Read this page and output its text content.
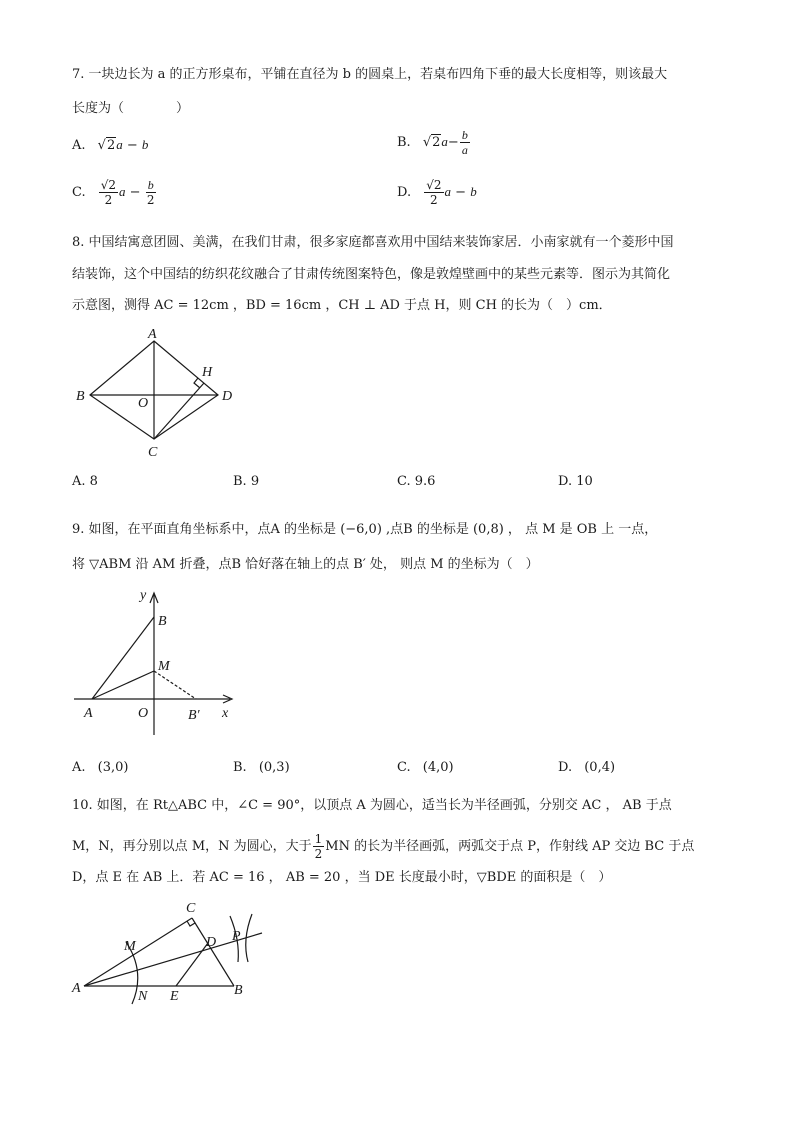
7. 一块边长为 a 的正方形桌布，平铺在直径为 b 的圆桌上，若桌布四角下垂的最大长度相等，则该最大
长度为（　　　　）
A. √2a − b	B. $√2a- \frac{b}{a}$
C. $\frac{√2}{2}$ $a - \frac{b}{2}$	D. $\frac{√2}{2}$ a − b
8. 中国结寓意团圆、美满，在我们甘肃，很多家庭都喜欢用中国结来装饰家居．小南家就有一个菱形中国
结装饰，这个中国结的纺织花纹融合了甘肃传统图案特色，像是敦煌壁画中的某些元素等．图示为其简化
示意图，测得 AC = 12cm ，BD = 16cm ，CH ⊥ AD 于点 H，则 CH 的长为（　）cm．
A
B
C
D
O
H
A. 8	B. 9	C. 9.6	D. 10
9. 如图，在平面直角坐标系中，点A 的坐标是 (−6,0) ,点B 的坐标是 (0,8) ， 点 M 是 OB 上 一点，
将 ▽ABM 沿 AM 折叠，点B 恰好落在轴上的点 B′ 处， 则点 M 的坐标为（　）
y
x
B
M
A	O	B′
A. (3,0)	B. (0,3)	C. (4,0)	D. (0,4)
10. 如图，在 Rt△ABC 中，∠C = 90°，以顶点 A 为圆心，适当长为半径画弧，分别交 AC ， AB 于点
M，N，再分别以点 M，N 为圆心，大于 $\frac{1}{2}$ MN 的长为半径画弧，两弧交于点 P，作射线 AP 交边 BC 于点
D，点 E 在 AB 上．若 AC = 16 ， AB = 20 ，当 DE 长度最小时，▽BDE 的面积是（　）
C
M	D P
A
N E	B
